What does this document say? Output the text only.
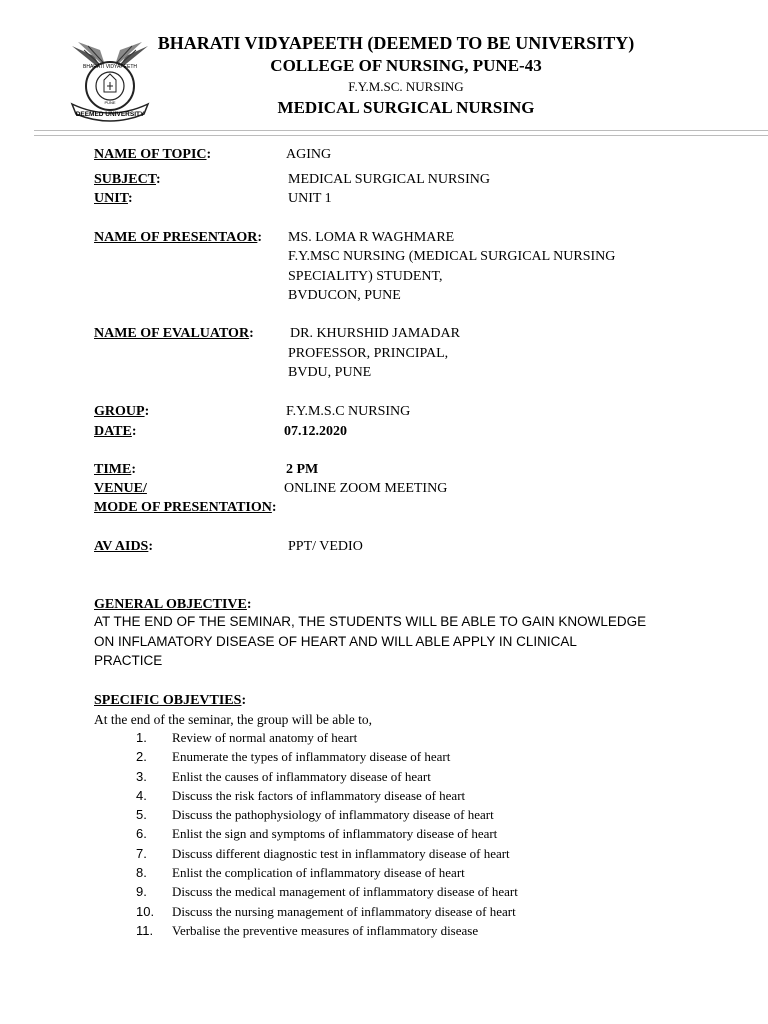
DEEMED UNIVERSITY
BHARATI VIDYAPEETH
PUNE
BHARATI VIDYAPEETH (DEEMED TO BE UNIVERSITY)
COLLEGE OF NURSING, PUNE-43
F.Y.M.SC. NURSING
MEDICAL SURGICAL NURSING
NAME OF TOPIC:	AGING
SUBJECT:	MEDICAL SURGICAL NURSING
UNIT:	UNIT 1
NAME OF PRESENTAOR: MS. LOMA R WAGHMARE
F.Y.MSC NURSING (MEDICAL SURGICAL NURSING
SPECIALITY) STUDENT,
BVDUCON, PUNE
NAME OF EVALUATOR:	DR. KHURSHID JAMADAR
PROFESSOR, PRINCIPAL,
BVDU, PUNE
GROUP:	F.Y.M.S.C NURSING
DATE:	07.12.2020
TIME:	2 PM
VENUE/	ONLINE ZOOM MEETING
MODE OF PRESENTATION:
AV AIDS:	PPT/ VEDIO
GENERAL OBJECTIVE:
AT THE END OF THE SEMINAR, THE STUDENTS WILL BE ABLE TO GAIN KNOWLEDGE
ON INFLAMATORY DISEASE OF HEART AND WILL ABLE APPLY IN CLINICAL
PRACTICE
SPECIFIC OBJEVTIES:
At the end of the seminar, the group will be able to,
1.	Review of normal anatomy of heart
2.	Enumerate the types of inflammatory disease of heart
3.	Enlist the causes of inflammatory disease of heart
4.	Discuss the risk factors of inflammatory disease of heart
5.	Discuss the pathophysiology of inflammatory disease of heart
6.	Enlist the sign and symptoms of inflammatory disease of heart
7.	Discuss different diagnostic test in inflammatory disease of heart
8.	Enlist the complication of inflammatory disease of heart
9.	Discuss the medical management of inflammatory disease of heart
10.	Discuss the nursing management of inflammatory disease of heart
11.	Verbalise the preventive measures of inflammatory disease
